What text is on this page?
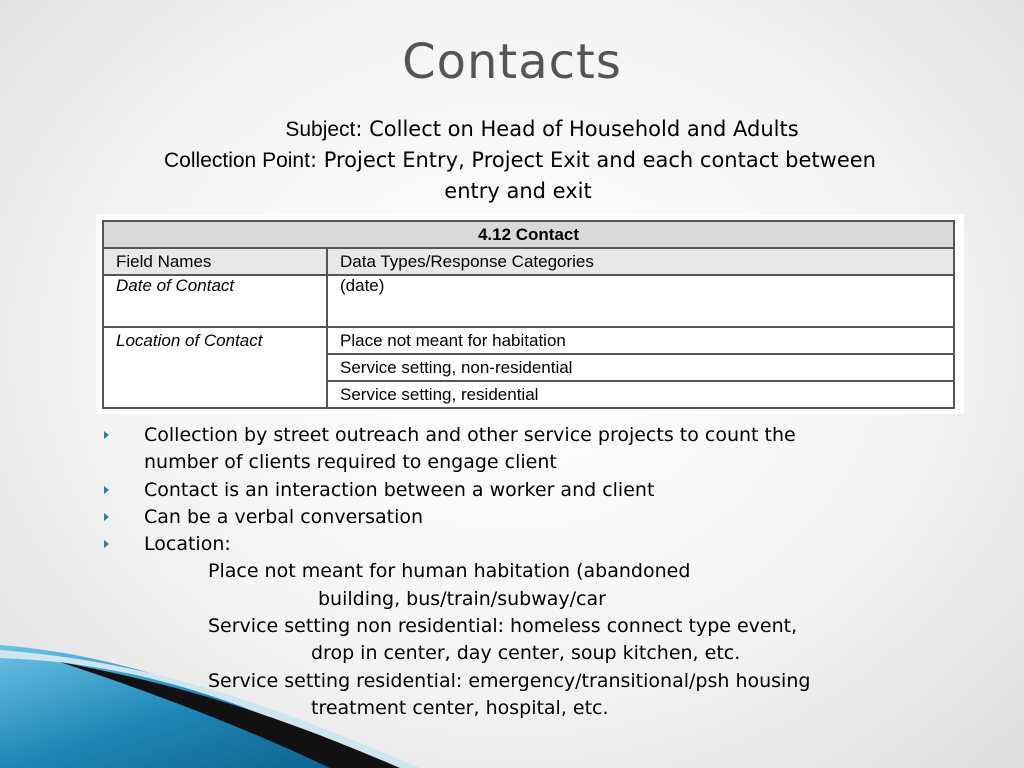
Contacts
Subject: Collect on Head of Household and Adults
Collection Point: Project Entry, Project Exit and each contact between
entry and exit
4.12 Contact	
Field Names	Data Types/Response Categories
Date of Contact	(date)
Location of Contact	Place not meant for habitation
	Service setting, non-residential
	Service setting, residential
Collection by street outreach and other service projects to count the
number of clients required to engage client
Contact is an interaction between a worker and client
Can be a verbal conversation
Location:
Place not meant for human habitation (abandoned
building, bus/train/subway/car
Service setting non residential: homeless connect type event,
drop in center, day center, soup kitchen, etc.
Service setting residential: emergency/transitional/psh housing
treatment center, hospital, etc.
